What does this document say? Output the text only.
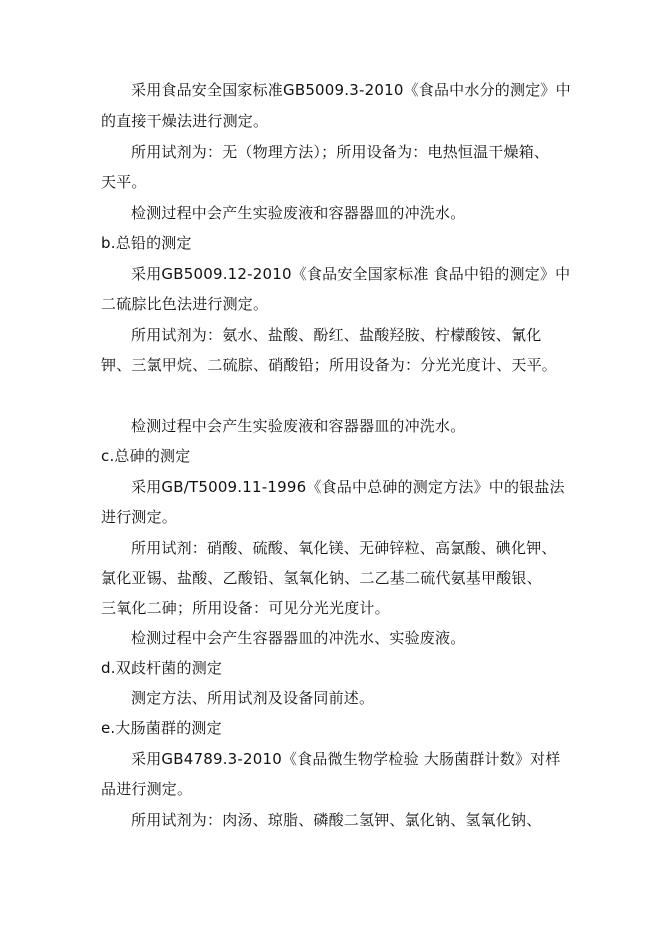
采用食品安全国家标准GB5009.3-2010《食品中水分的测定》中
的直接干燥法进行测定。
所用试剂为：无（物理方法）；所用设备为：电热恒温干燥箱、
天平。
检测过程中会产生实验废液和容器器皿的冲洗水。
b.总铅的测定
采用GB5009.12-2010《食品安全国家标准 食品中铅的测定》中
二硫腙比色法进行测定。
所用试剂为：氨水、盐酸、酚红、盐酸羟胺、柠檬酸铵、氰化
钾、三氯甲烷、二硫腙、硝酸铅；所用设备为：分光光度计、天平。
检测过程中会产生实验废液和容器器皿的冲洗水。
c.总砷的测定
采用GB/T5009.11-1996《食品中总砷的测定方法》中的银盐法
进行测定。
所用试剂：硝酸、硫酸、氧化镁、无砷锌粒、高氯酸、碘化钾、
氯化亚锡、盐酸、乙酸铅、氢氧化钠、二乙基二硫代氨基甲酸银、
三氧化二砷；所用设备：可见分光光度计。
检测过程中会产生容器器皿的冲洗水、实验废液。
d.双歧杆菌的测定
测定方法、所用试剂及设备同前述。
e.大肠菌群的测定
采用GB4789.3-2010《食品微生物学检验 大肠菌群计数》对样
品进行测定。
所用试剂为：肉汤、琼脂、磷酸二氢钾、氯化钠、氢氧化钠、
